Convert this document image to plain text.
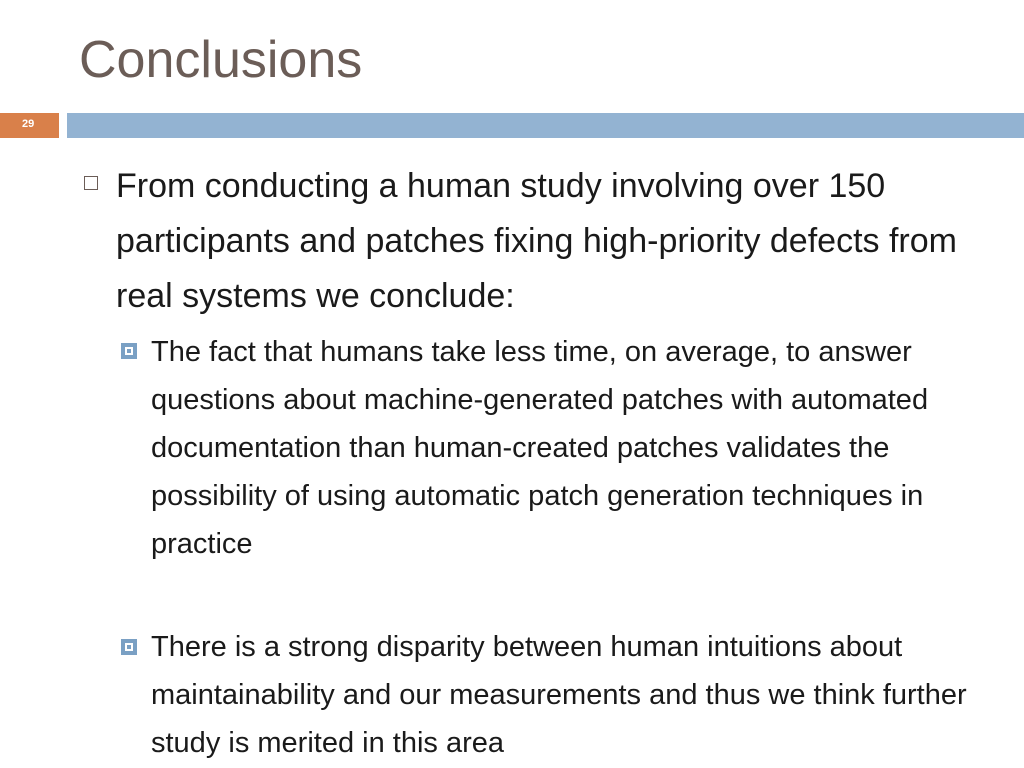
Conclusions
29
From conducting a human study involving over 150 participants and patches fixing high-priority defects from real systems we conclude:
The fact that humans take less time, on average, to answer questions about machine-generated patches with automated documentation than human-created patches validates the possibility of using automatic patch generation techniques in practice
There is a strong disparity between human intuitions about maintainability and our measurements and thus we think further study is merited in this area
